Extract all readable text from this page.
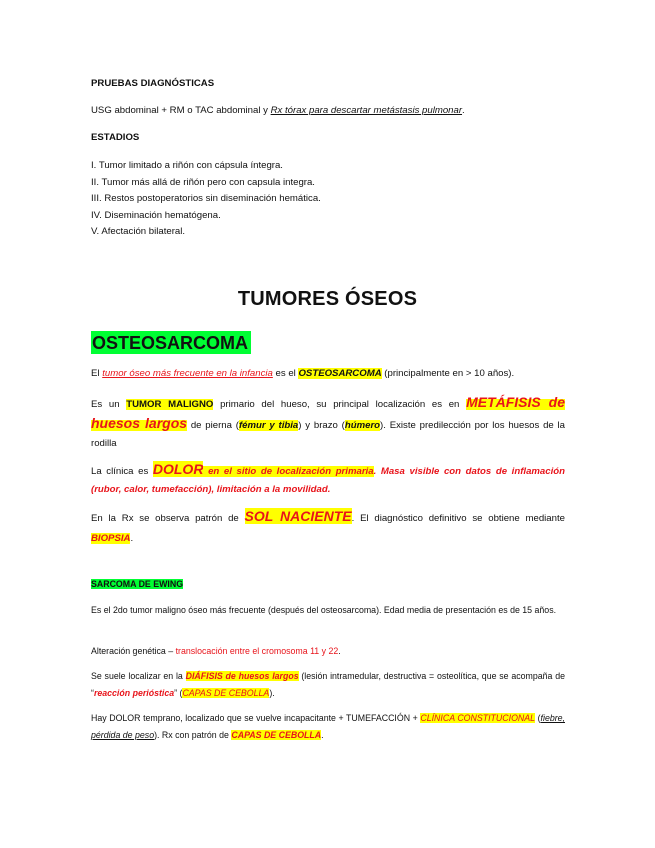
PRUEBAS DIAGNÓSTICAS
USG abdominal + RM o TAC abdominal y Rx tórax para descartar metástasis pulmonar.
ESTADIOS
I. Tumor limitado a riñón con cápsula íntegra.
II. Tumor más allá de riñón pero con capsula integra.
III. Restos postoperatorios sin diseminación hemática.
IV. Diseminación hematógena.
V. Afectación bilateral.
TUMORES ÓSEOS
OSTEOSARCOMA
El tumor óseo más frecuente en la infancia es el OSTEOSARCOMA (principalmente en > 10 años).
Es un TUMOR MALIGNO primario del hueso, su principal localización es en METÁFISIS de huesos largos de pierna (fémur y tibia) y brazo (húmero). Existe predilección por los huesos de la rodilla
La clínica es DOLOR en el sitio de localización primaria. Masa visible con datos de inflamación (rubor, calor, tumefacción), limitación a la movilidad.
En la Rx se observa patrón de SOL NACIENTE. El diagnóstico definitivo se obtiene mediante BIOPSIA.
SARCOMA DE EWING
Es el 2do tumor maligno óseo más frecuente (después del osteosarcoma). Edad media de presentación es de 15 años.
Alteración genética – translocación entre el cromosoma 11 y 22.
Se suele localizar en la DIÁFISIS de huesos largos (lesión intramedular, destructiva = osteolítica, que se acompaña de “reacción perióstica” (CAPAS DE CEBOLLA).
Hay DOLOR temprano, localizado que se vuelve incapacitante + TUMEFACCIÓN + CLÍNICA CONSTITUCIONAL (fiebre, pérdida de peso). Rx con patrón de CAPAS DE CEBOLLA.
